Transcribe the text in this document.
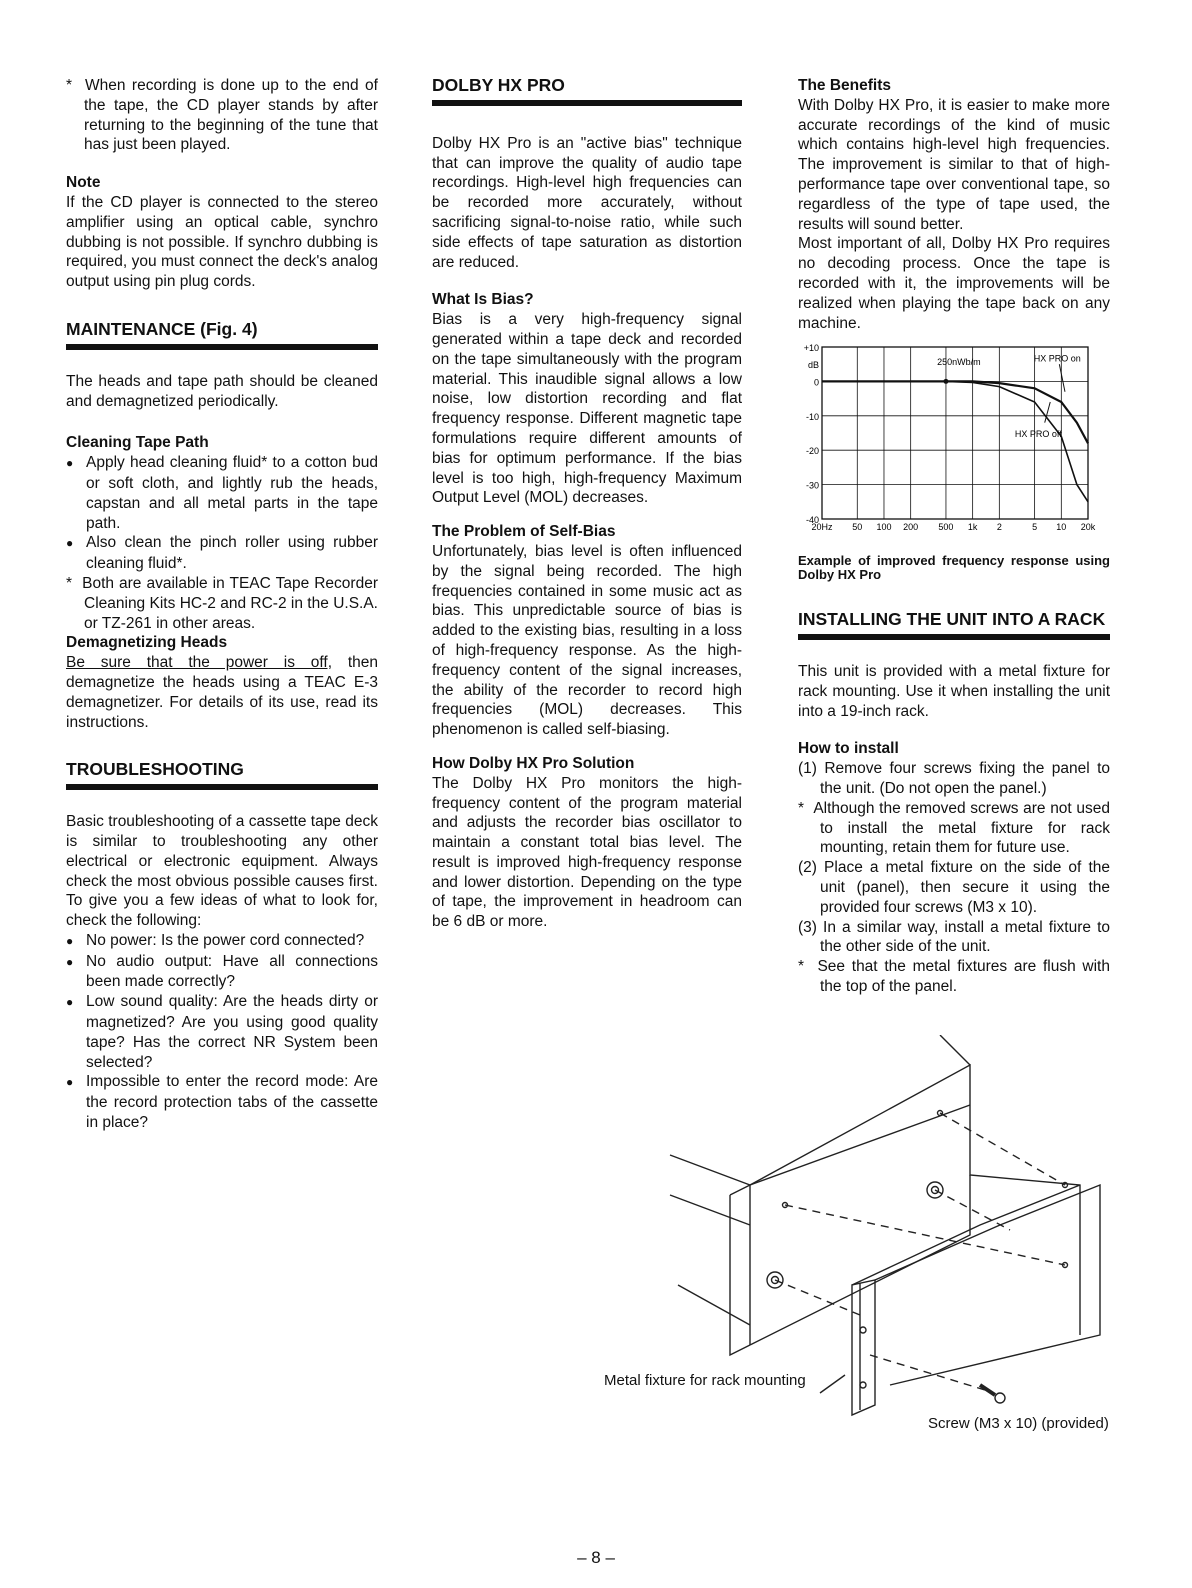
*  When recording is done up to the end of the tape, the CD player stands by after returning to the beginning of the tune that has just been played.

Note

If the CD player is connected to the stereo amplifier using an optical cable, synchro dubbing is not possible. If synchro dubbing is required, you must connect the deck's analog output using pin plug cords.

MAINTENANCE (Fig. 4)

The heads and tape path should be cleaned and demagnetized periodically.

Cleaning Tape Path

● Apply head cleaning fluid* to a cotton bud or soft cloth, and lightly rub the heads, capstan and all metal parts in the tape path.

● Also clean the pinch roller using rubber cleaning fluid*.

*  Both are available in TEAC Tape Recorder Cleaning Kits HC-2 and RC-2 in the U.S.A. or TZ-261 in other areas.

Demagnetizing Heads

Be sure that the power is off, then demagnetize the heads using a TEAC E-3 demagnetizer. For details of its use, read its instructions.

TROUBLESHOOTING

Basic troubleshooting of a cassette tape deck is similar to troubleshooting any other electrical or electronic equipment. Always check the most obvious possible causes first. To give you a few ideas of what to look for, check the following:

● No power: Is the power cord connected?

● No audio output: Have all connections been made correctly?

● Low sound quality: Are the heads dirty or magnetized? Are you using good quality tape? Has the correct NR System been selected?

● Impossible to enter the record mode: Are the record protection tabs of the cassette in place?

DOLBY HX PRO

Dolby HX Pro is an "active bias" technique that can improve the quality of audio tape recordings. High-level high frequencies can be recorded more accurately, without sacrificing signal-to-noise ratio, while such side effects of tape saturation as distortion are reduced.

What Is Bias?

Bias is a very high-frequency signal generated within a tape deck and recorded on the tape simultaneously with the program material. This inaudible signal allows a low noise, low distortion recording and flat frequency response. Different magnetic tape formulations require different amounts of bias for optimum performance. If the bias level is too high, high-frequency Maximum Output Level (MOL) decreases.

The Problem of Self-Bias

Unfortunately, bias level is often influenced by the signal being recorded. The high frequencies contained in some music act as bias. This unpredictable source of bias is added to the existing bias, resulting in a loss of high-frequency response. As the high-frequency content of the signal increases, the ability of the recorder to record high frequencies (MOL) decreases. This phenomenon is called self-biasing.

How Dolby HX Pro Solution

The Dolby HX Pro monitors the high-frequency content of the program material and adjusts the recorder bias oscillator to maintain a constant total bias level. The result is improved high-frequency response and lower distortion. Depending on the type of tape, the improvement in headroom can be 6 dB or more.

The Benefits

With Dolby HX Pro, it is easier to make more accurate recordings of the kind of music which contains high-level high frequencies. The improvement is similar to that of high-performance tape over conventional tape, so regardless of the type of tape used, the results will sound better.

Most important of all, Dolby HX Pro requires no decoding process. Once the tape is recorded with it, the improvements will be realized when playing the tape back on any machine.

+10
0
-10
-20
-30
-40
dB
20Hz 50 100 200 500 1k 2	5 10 20k
250nWb/m	HX PRO on
HX PRO off

Example of improved frequency response using Dolby HX Pro

INSTALLING THE UNIT INTO A RACK

This unit is provided with a metal fixture for rack mounting. Use it when installing the unit into a 19-inch rack.

How to install

(1) Remove four screws fixing the panel to the unit. (Do not open the panel.)

* Although the removed screws are not used to install the metal fixture for rack mounting, retain them for future use.

(2) Place a metal fixture on the side of the unit (panel), then secure it using the provided four screws (M3 x 10).

(3) In a similar way, install a metal fixture to the other side of the unit.

* See that the metal fixtures are flush with the top of the panel.

Metal fixture for rack mounting
Screw (M3 x 10) (provided)
– 8 –
